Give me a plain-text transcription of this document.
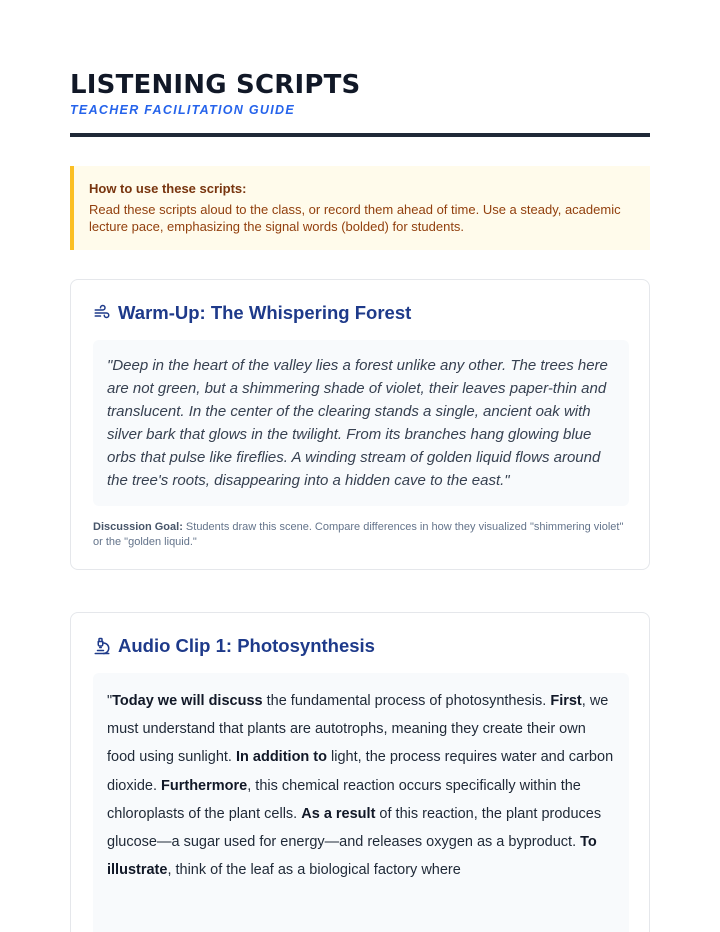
LISTENING SCRIPTS
TEACHER FACILITATION GUIDE
How to use these scripts:
Read these scripts aloud to the class, or record them ahead of time. Use a steady, academic lecture pace, emphasizing the signal words (bolded) for students.
Warm-Up: The Whispering Forest
"Deep in the heart of the valley lies a forest unlike any other. The trees here are not green, but a shimmering shade of violet, their leaves paper-thin and translucent. In the center of the clearing stands a single, ancient oak with silver bark that glows in the twilight. From its branches hang glowing blue orbs that pulse like fireflies. A winding stream of golden liquid flows around the tree's roots, disappearing into a hidden cave to the east."
Discussion Goal: Students draw this scene. Compare differences in how they visualized "shimmering violet" or the "golden liquid."
Audio Clip 1: Photosynthesis
"Today we will discuss the fundamental process of photosynthesis. First, we must understand that plants are autotrophs, meaning they create their own food using sunlight. In addition to light, the process requires water and carbon dioxide. Furthermore, this chemical reaction occurs specifically within the chloroplasts of the plant cells. As a result of this reaction, the plant produces glucose—a sugar used for energy—and releases oxygen as a byproduct. To illustrate, think of the leaf as a biological factory where
